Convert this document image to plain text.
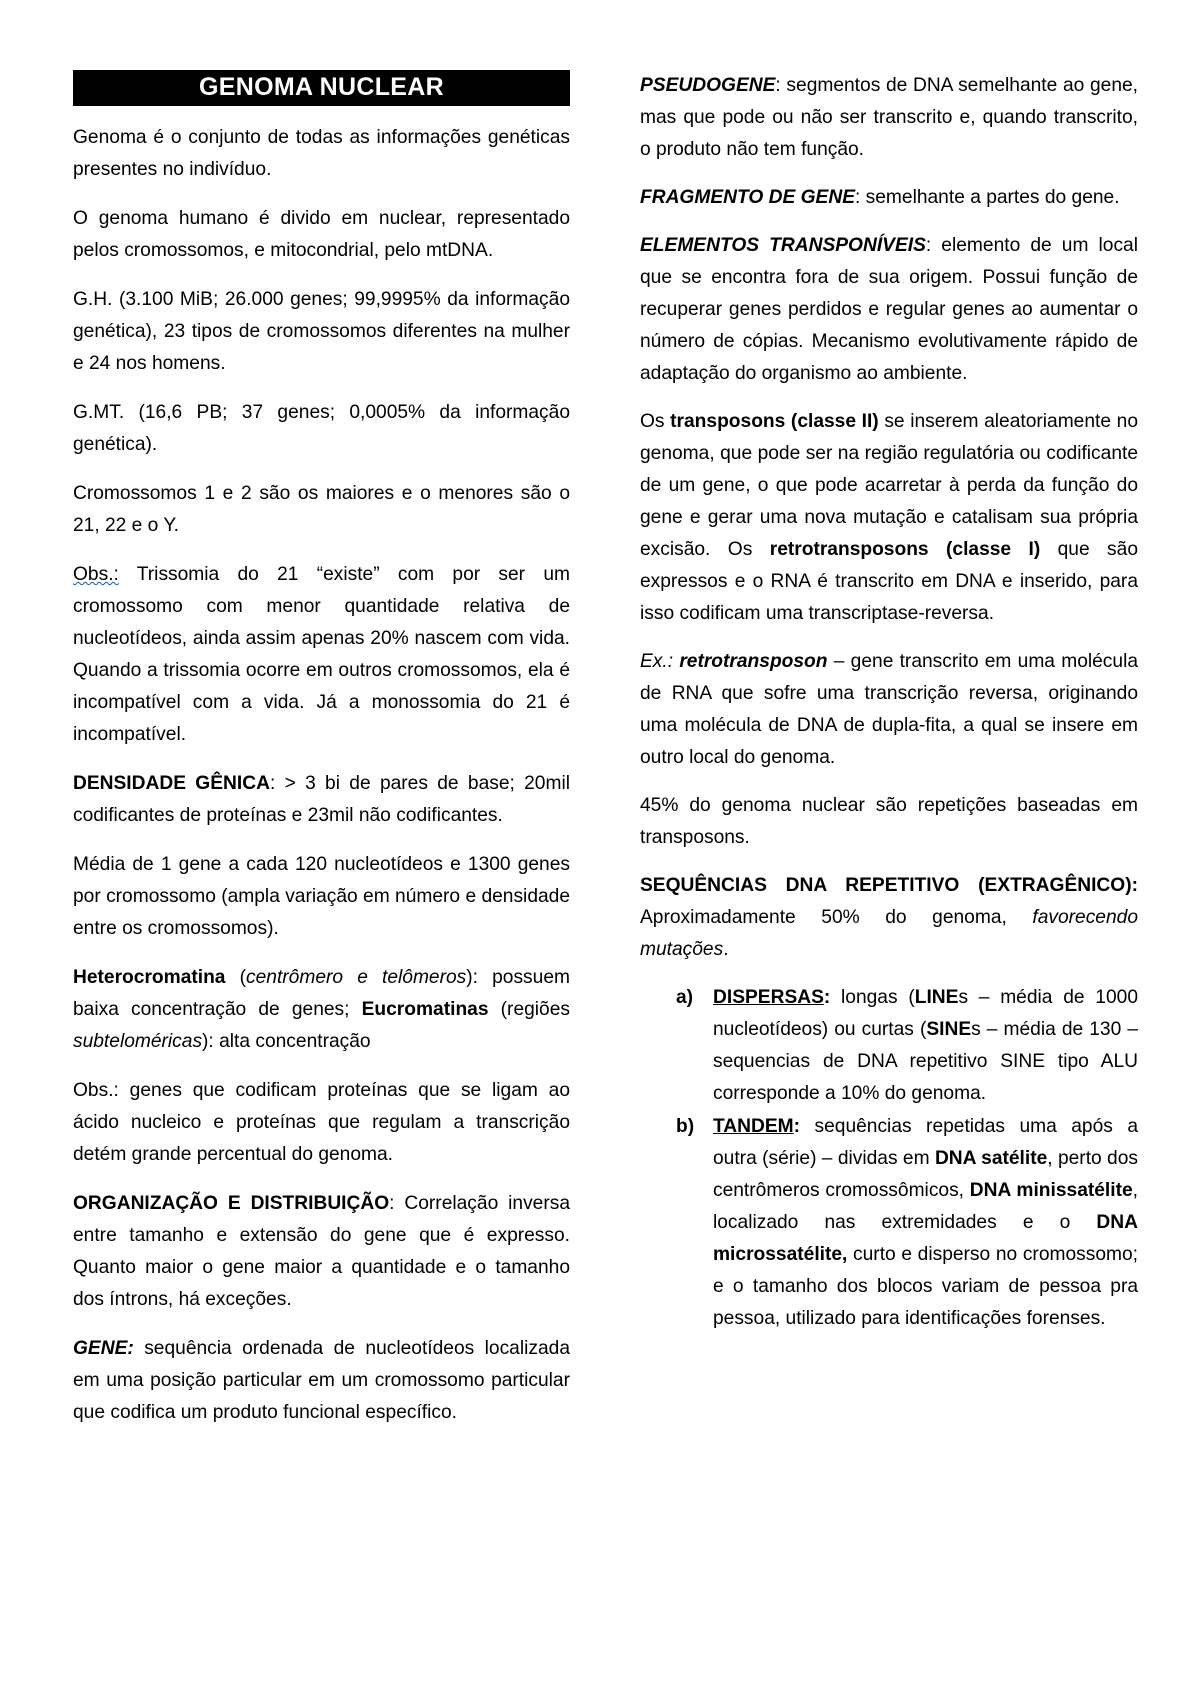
GENOMA NUCLEAR

Genoma é o conjunto de todas as informações genéticas presentes no indivíduo.

O genoma humano é divido em nuclear, representado pelos cromossomos, e mitocondrial, pelo mtDNA.

G.H. (3.100 MiB; 26.000 genes; 99,9995% da informação genética), 23 tipos de cromossomos diferentes na mulher e 24 nos homens.

G.MT. (16,6 PB; 37 genes; 0,0005% da informação genética).

Cromossomos 1 e 2 são os maiores e o menores são o 21, 22 e o Y.

Obs.: Trissomia do 21 “existe” com por ser um cromossomo com menor quantidade relativa de nucleotídeos, ainda assim apenas 20% nascem com vida. Quando a trissomia ocorre em outros cromossomos, ela é incompatível com a vida. Já a monossomia do 21 é incompatível.

DENSIDADE GÊNICA: > 3 bi de pares de base; 20mil codificantes de proteínas e 23mil não codificantes.

Média de 1 gene a cada 120 nucleotídeos e 1300 genes por cromossomo (ampla variação em número e densidade entre os cromossomos).

Heterocromatina (centrômero e telômeros): possuem baixa concentração de genes; Eucromatinas (regiões subteloméricas): alta concentração

Obs.: genes que codificam proteínas que se ligam ao ácido nucleico e proteínas que regulam a transcrição detém grande percentual do genoma.

ORGANIZAÇÃO E DISTRIBUIÇÃO: Correlação inversa entre tamanho e extensão do gene que é expresso. Quanto maior o gene maior a quantidade e o tamanho dos íntrons, há exceções.

GENE: sequência ordenada de nucleotídeos localizada em uma posição particular em um cromossomo particular que codifica um produto funcional específico.

PSEUDOGENE: segmentos de DNA semelhante ao gene, mas que pode ou não ser transcrito e, quando transcrito, o produto não tem função.

FRAGMENTO DE GENE: semelhante a partes do gene.

ELEMENTOS TRANSPONÍVEIS: elemento de um local que se encontra fora de sua origem. Possui função de recuperar genes perdidos e regular genes ao aumentar o número de cópias. Mecanismo evolutivamente rápido de adaptação do organismo ao ambiente.

Os transposons (classe II) se inserem aleatoriamente no genoma, que pode ser na região regulatória ou codificante de um gene, o que pode acarretar à perda da função do gene e gerar uma nova mutação e catalisam sua própria excisão. Os retrotransposons (classe I) que são expressos e o RNA é transcrito em DNA e inserido, para isso codificam uma transcriptase-reversa.

Ex.: retrotransposon – gene transcrito em uma molécula de RNA que sofre uma transcrição reversa, originando uma molécula de DNA de dupla-fita, a qual se insere em outro local do genoma.

45% do genoma nuclear são repetições baseadas em transposons.

SEQUÊNCIAS DNA REPETITIVO (EXTRAGÊNICO): Aproximadamente 50% do genoma, favorecendo mutações.

a) DISPERSAS: longas (LINEs – média de 1000 nucleotídeos) ou curtas (SINEs – média de 130 – sequencias de DNA repetitivo SINE tipo ALU corresponde a 10% do genoma.
b) TANDEM: sequências repetidas uma após a outra (série) – dividas em DNA satélite, perto dos centrômeros cromossômicos, DNA minissatélite, localizado nas extremidades e o DNA microssatélite, curto e disperso no cromossomo; e o tamanho dos blocos variam de pessoa pra pessoa, utilizado para identificações forenses.
